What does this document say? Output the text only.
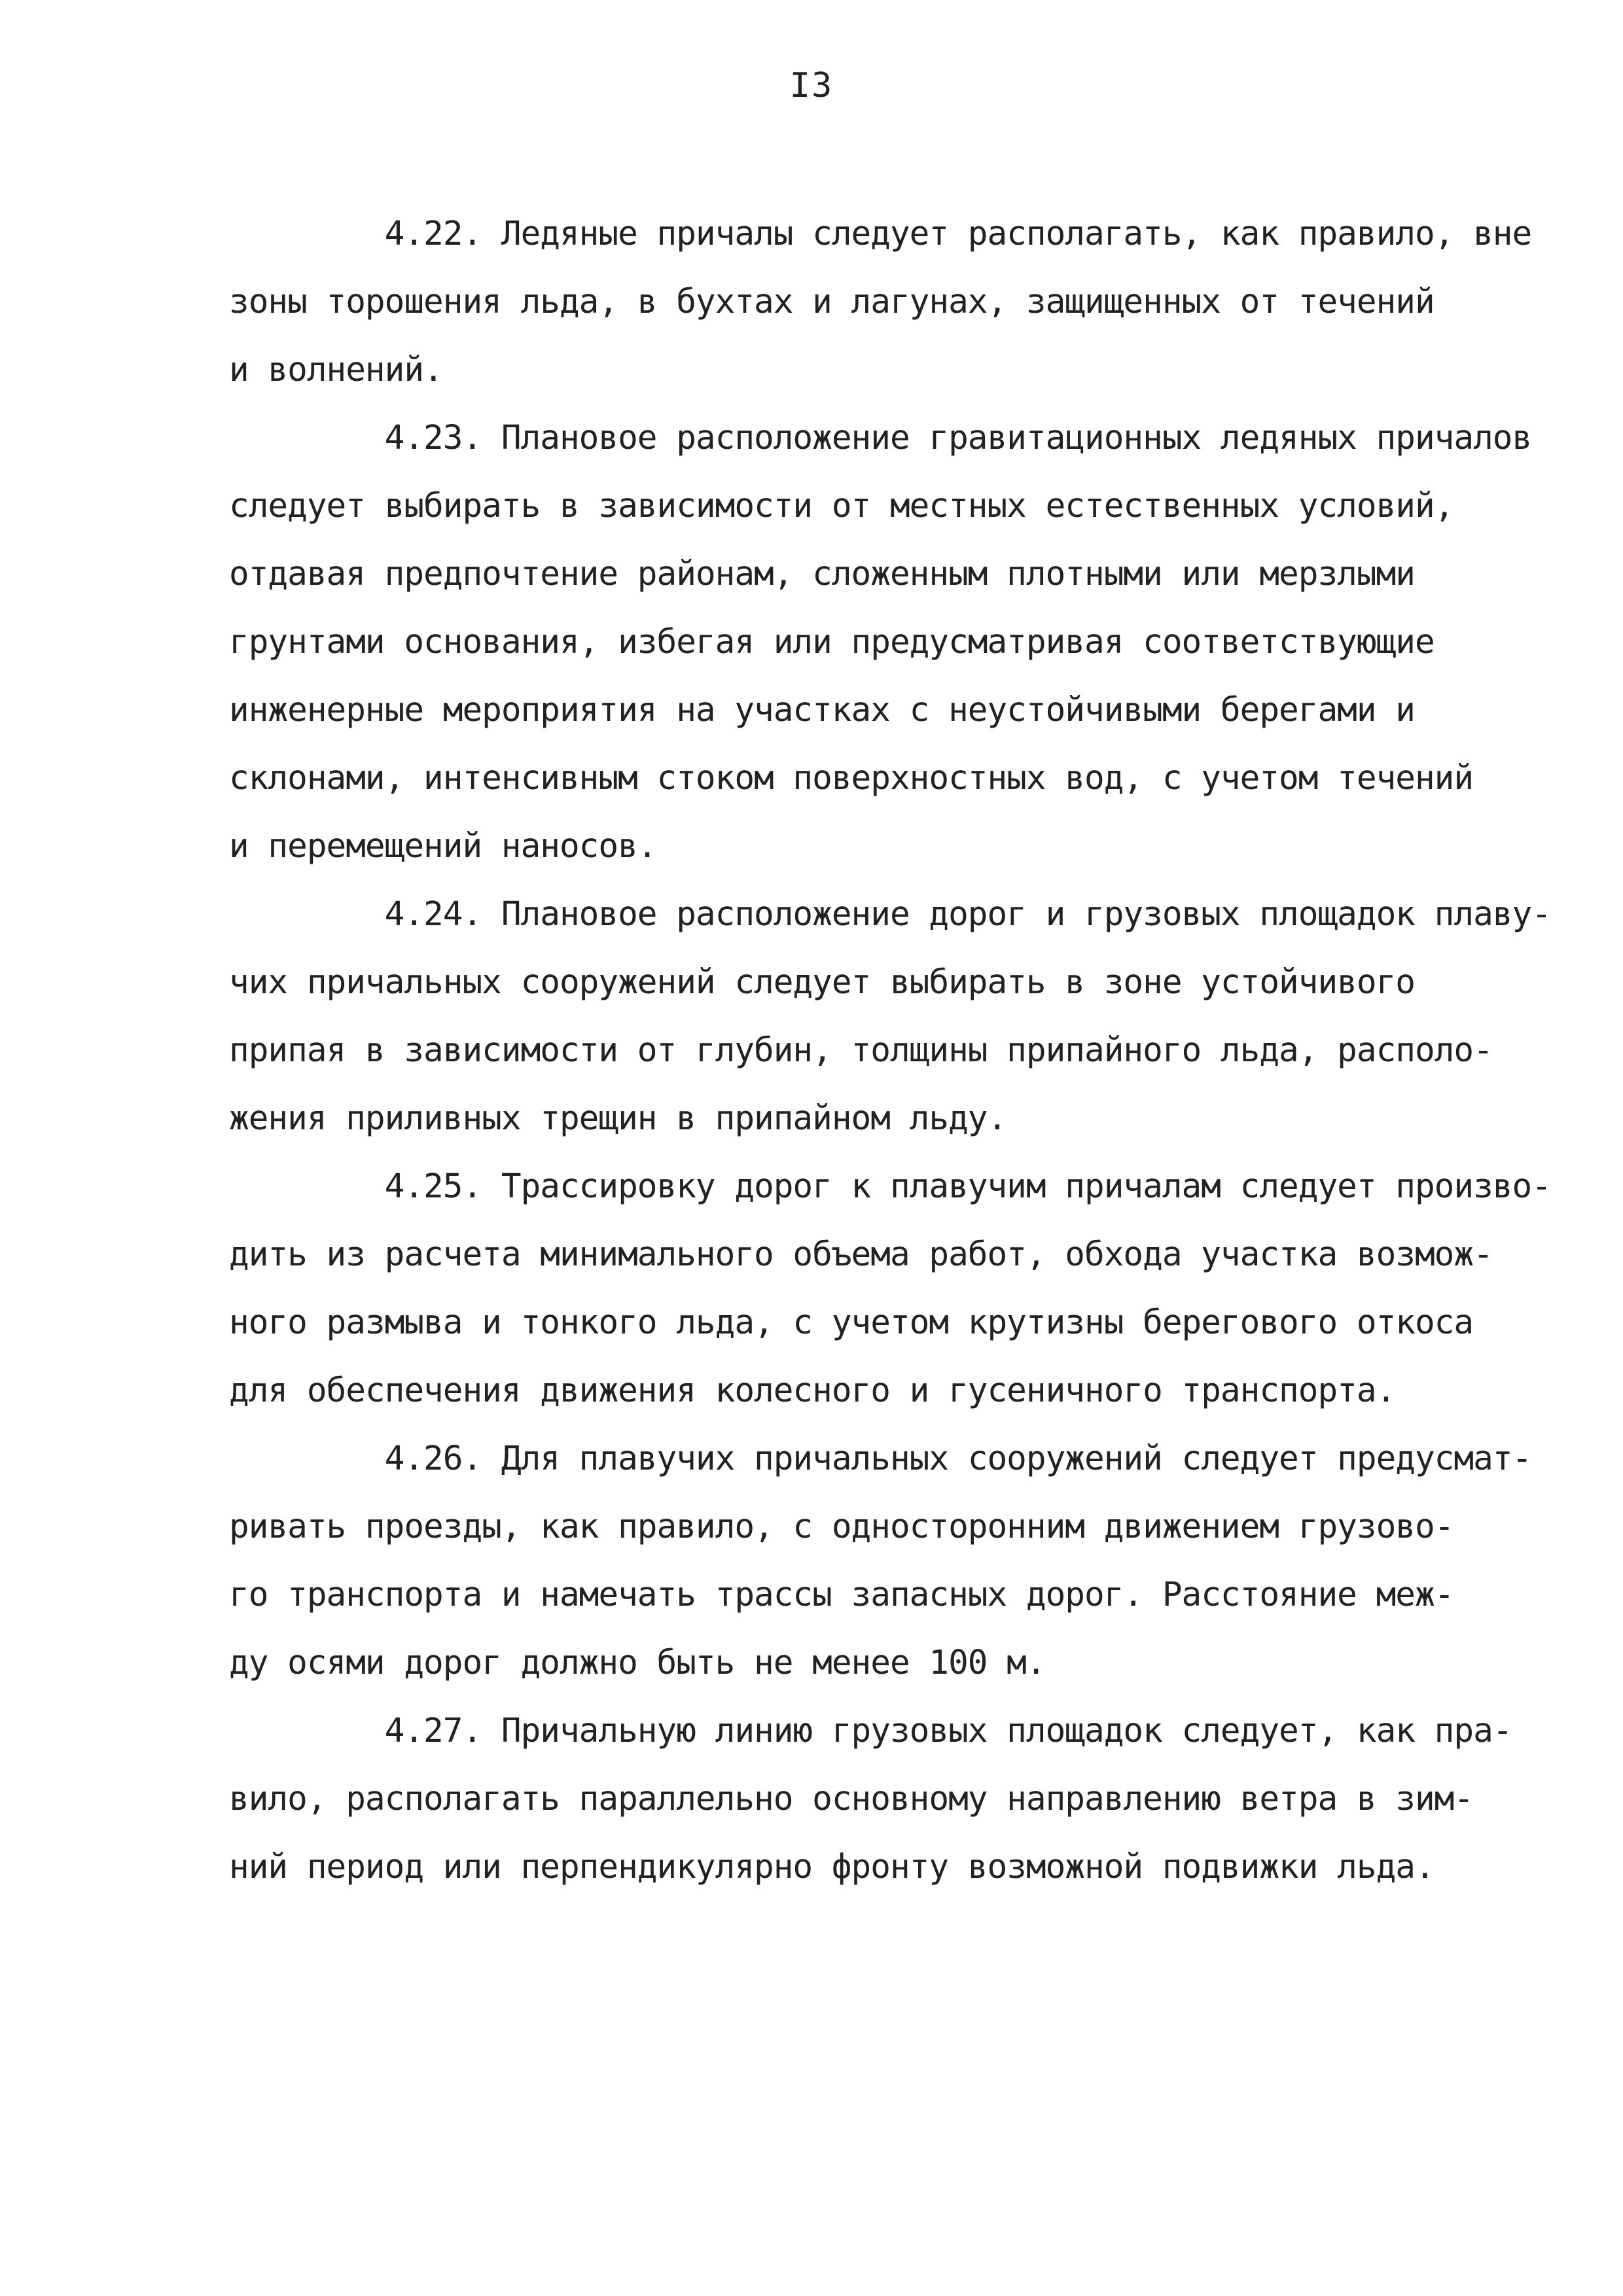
I3
4.22. Ледяные причалы следует располагать, как правило, вне
зоны торошения льда, в бухтах и лагунах, защищенных от течений
и волнений.
4.23. Плановое расположение гравитационных ледяных причалов
следует выбирать в зависимости от местных естественных условий,
отдавая предпочтение районам, сложенным плотными или мерзлыми
грунтами основания, избегая или предусматривая соответствующие
инженерные мероприятия на участках с неустойчивыми берегами и
склонами, интенсивным стоком поверхностных вод, с учетом течений
и перемещений наносов.
4.24. Плановое расположение дорог и грузовых площадок плаву-
чих причальных сооружений следует выбирать в зоне устойчивого
припая в зависимости от глубин, толщины припайного льда, располо-
жения приливных трещин в припайном льду.
4.25. Трассировку дорог к плавучим причалам следует произво-
дить из расчета минимального объема работ, обхода участка возмож-
ного размыва и тонкого льда, с учетом крутизны берегового откоса
для обеспечения движения колесного и гусеничного транспорта.
4.26. Для плавучих причальных сооружений следует предусмат-
ривать проезды, как правило, с односторонним движением грузово-
го транспорта и намечать трассы запасных дорог. Расстояние меж-
ду осями дорог должно быть не менее 100 м.
4.27. Причальную линию грузовых площадок следует, как пра-
вило, располагать параллельно основному направлению ветра в зим-
ний период или перпендикулярно фронту возможной подвижки льда.
